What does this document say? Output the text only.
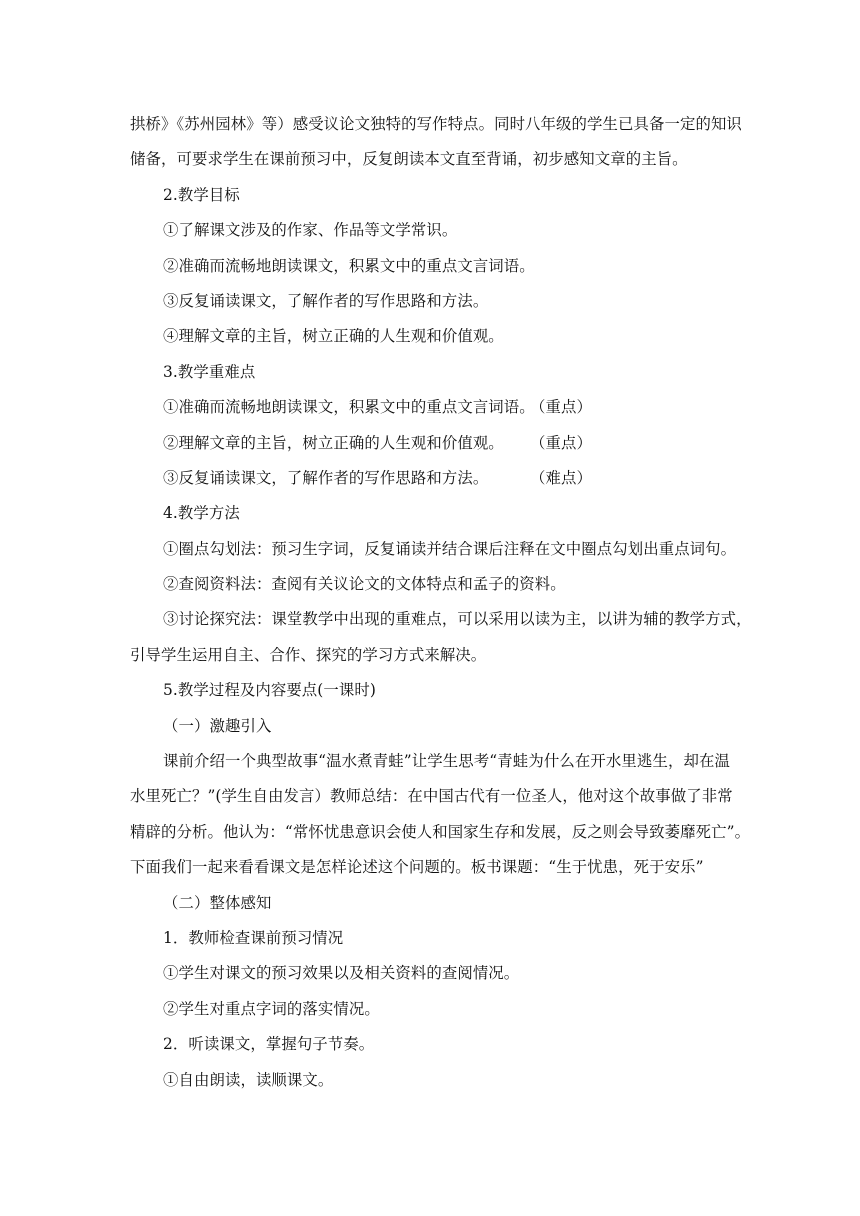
拱桥》《苏州园林》等）感受议论文独特的写作特点。同时八年级的学生已具备一定的知识
储备，可要求学生在课前预习中，反复朗读本文直至背诵，初步感知文章的主旨。
2.教学目标
①了解课文涉及的作家、作品等文学常识。
②准确而流畅地朗读课文，积累文中的重点文言词语。
③反复诵读课文，了解作者的写作思路和方法。
④理解文章的主旨，树立正确的人生观和价值观。
3.教学重难点
①准确而流畅地朗读课文，积累文中的重点文言词语。
（重点）
②理解文章的主旨，树立正确的人生观和价值观。 （重点）
③反复诵读课文，了解作者的写作思路和方法。	（难点）
4.教学方法
①圈点勾划法：预习生字词，反复诵读并结合课后注释在文中圈点勾划出重点词句。
②查阅资料法：查阅有关议论文的文体特点和孟子的资料。
③讨论探究法：课堂教学中出现的重难点，可以采用以读为主，以讲为辅的教学方式，
引导学生运用自主、合作、探究的学习方式来解决。
5.教学过程及内容要点(一课时)
（一）激趣引入
课前介绍一个典型故事“温水煮青蛙”让学生思考“青蛙为什么在开水里逃生，却在温
水里死亡？”(学生自由发言）教师总结：在中国古代有一位圣人，他对这个故事做了非常
精辟的分析。他认为：“常怀忧患意识会使人和国家生存和发展，反之则会导致萎靡死亡”。
下面我们一起来看看课文是怎样论述这个问题的。板书课题：“生于忧患，死于安乐”
（二）整体感知
1．教师检查课前预习情况
①学生对课文的预习效果以及相关资料的查阅情况。
②学生对重点字词的落实情况。
2．听读课文，掌握句子节奏。
①自由朗读，读顺课文。
